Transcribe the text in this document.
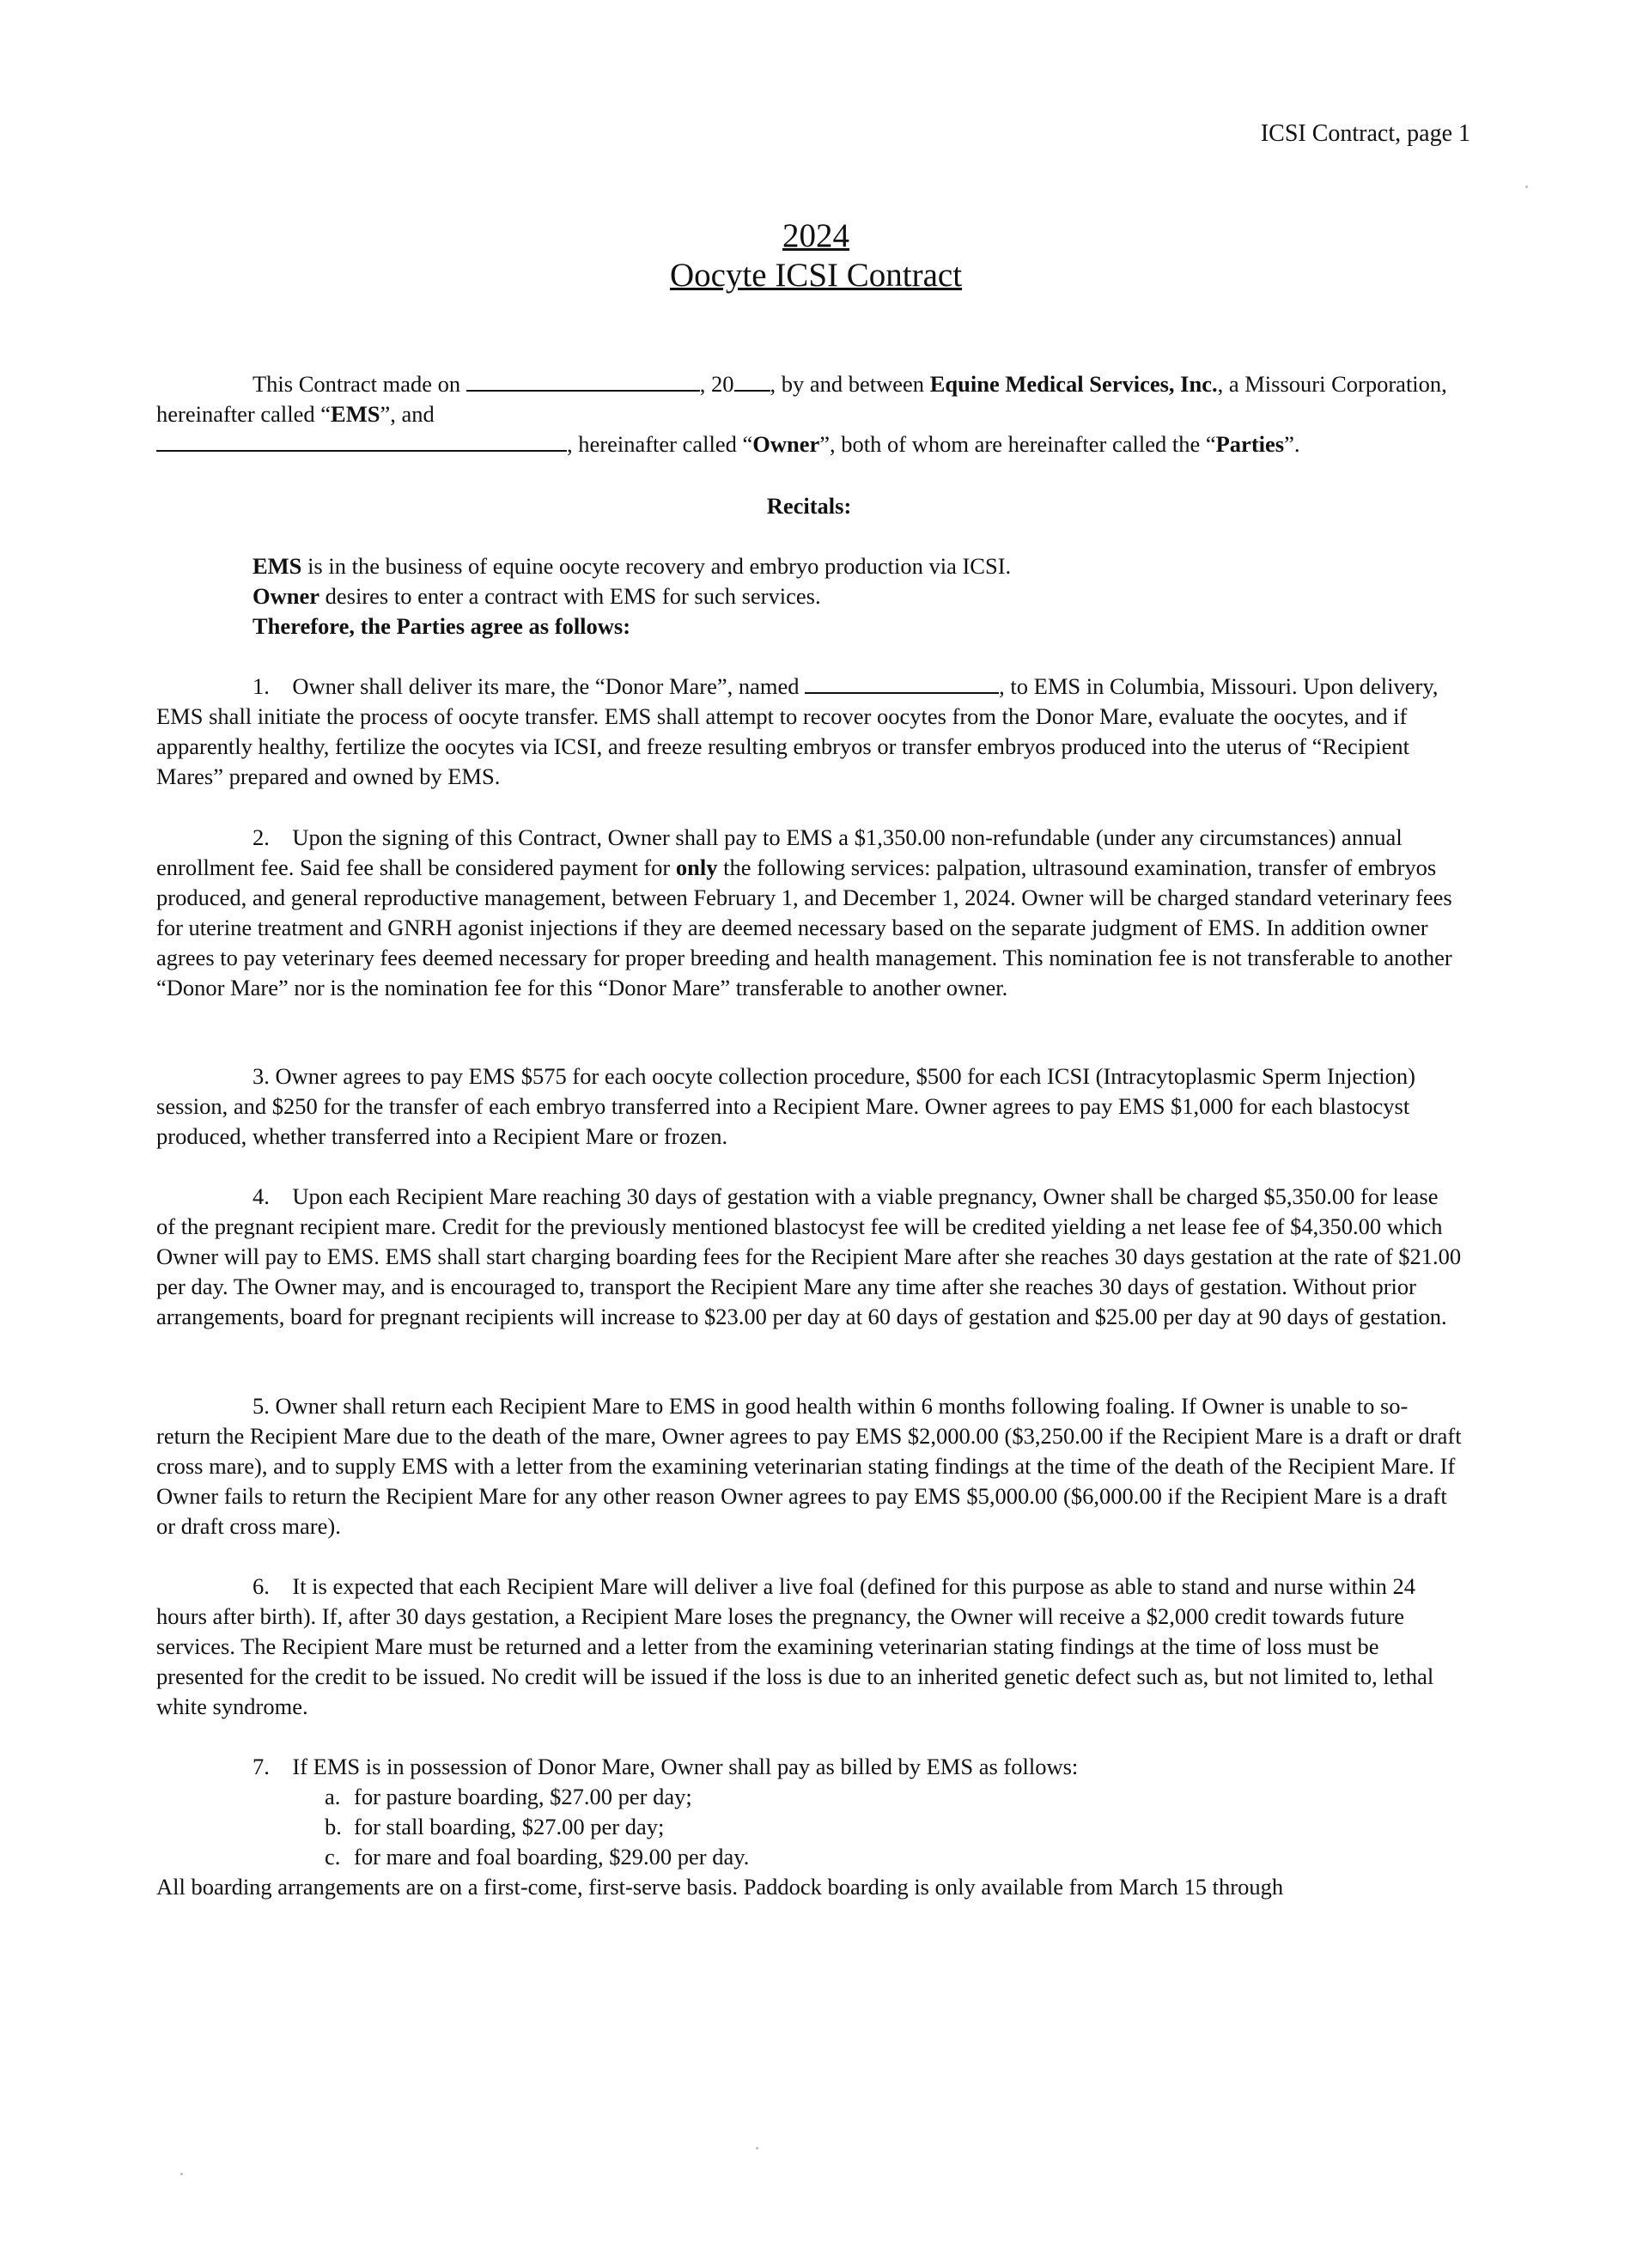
ICSI Contract, page 1
2024
Oocyte ICSI Contract

This Contract made on	, 20 , by and between Equine Medical Services, Inc., a Missouri Corporation, hereinafter called “EMS”, and

, hereinafter called “Owner”, both of whom are hereinafter called the “Parties”.

Recitals:

EMS is in the business of equine oocyte recovery and embryo production via ICSI.

Owner desires to enter a contract with EMS for such services.

Therefore, the Parties agree as follows:

1. Owner shall deliver its mare, the “Donor Mare”, named	, to EMS in Columbia, Missouri. Upon delivery, EMS shall initiate the process of oocyte transfer. EMS shall attempt to recover oocytes from the Donor Mare, evaluate the oocytes, and if apparently healthy, fertilize the oocytes via ICSI, and freeze resulting embryos or transfer embryos produced into the uterus of “Recipient Mares” prepared and owned by EMS.

2. Upon the signing of this Contract, Owner shall pay to EMS a $1,350.00 non-refundable (under any circumstances) annual enrollment fee. Said fee shall be considered payment for only the following services: palpation, ultrasound examination, transfer of embryos produced, and general reproductive management, between February 1, and December 1, 2024. Owner will be charged standard veterinary fees for uterine treatment and GNRH agonist injections if they are deemed necessary based on the separate judgment of EMS. In addition owner agrees to pay veterinary fees deemed necessary for proper breeding and health management. This nomination fee is not transferable to another “Donor Mare” nor is the nomination fee for this “Donor Mare” transferable to another owner.

3. Owner agrees to pay EMS $575 for each oocyte collection procedure, $500 for each ICSI (Intracytoplasmic Sperm Injection) session, and $250 for the transfer of each embryo transferred into a Recipient Mare. Owner agrees to pay EMS $1,000 for each blastocyst produced, whether transferred into a Recipient Mare or frozen.

4. Upon each Recipient Mare reaching 30 days of gestation with a viable pregnancy, Owner shall be charged $5,350.00 for lease of the pregnant recipient mare. Credit for the previously mentioned blastocyst fee will be credited yielding a net lease fee of $4,350.00 which Owner will pay to EMS. EMS shall start charging boarding fees for the Recipient Mare after she reaches 30 days gestation at the rate of $21.00 per day. The Owner may, and is encouraged to, transport the Recipient Mare any time after she reaches 30 days of gestation. Without prior arrangements, board for pregnant recipients will increase to $23.00 per day at 60 days of gestation and $25.00 per day at 90 days of gestation.

5. Owner shall return each Recipient Mare to EMS in good health within 6 months following foaling. If Owner is unable to so-return the Recipient Mare due to the death of the mare, Owner agrees to pay EMS $2,000.00 ($3,250.00 if the Recipient Mare is a draft or draft cross mare), and to supply EMS with a letter from the examining veterinarian stating findings at the time of the death of the Recipient Mare. If Owner fails to return the Recipient Mare for any other reason Owner agrees to pay EMS $5,000.00 ($6,000.00 if the Recipient Mare is a draft or draft cross mare).

6. It is expected that each Recipient Mare will deliver a live foal (defined for this purpose as able to stand and nurse within 24 hours after birth). If, after 30 days gestation, a Recipient Mare loses the pregnancy, the Owner will receive a $2,000 credit towards future services. The Recipient Mare must be returned and a letter from the examining veterinarian stating findings at the time of loss must be presented for the credit to be issued. No credit will be issued if the loss is due to an inherited genetic defect such as, but not limited to, lethal white syndrome.

7. If EMS is in possession of Donor Mare, Owner shall pay as billed by EMS as follows:

a. for pasture boarding, $27.00 per day;
b. for stall boarding, $27.00 per day;
c. for mare and foal boarding, $29.00 per day.

All boarding arrangements are on a first-come, first-serve basis. Paddock boarding is only available from March 15 through
